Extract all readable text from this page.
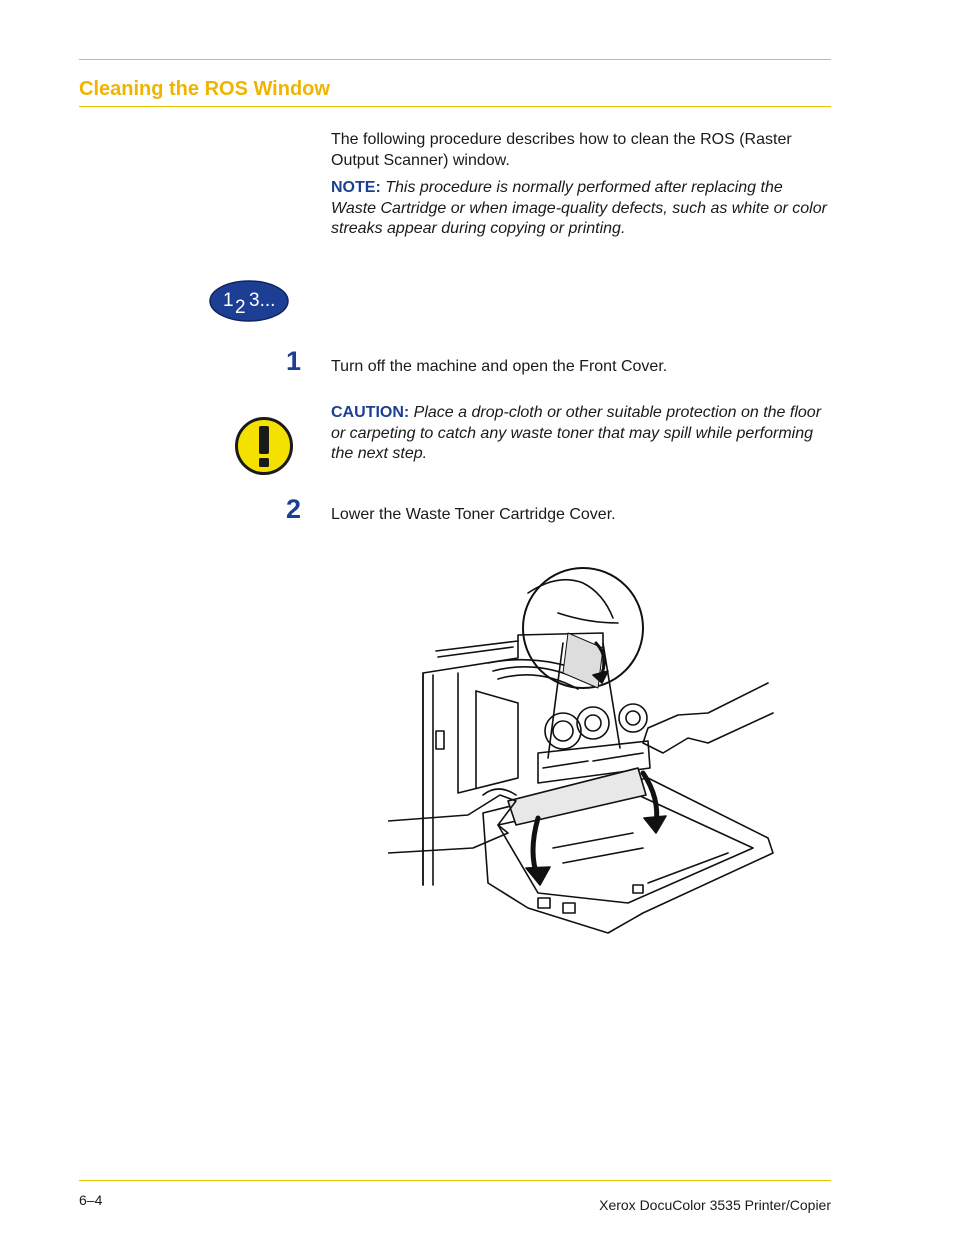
Cleaning the ROS Window
The following procedure describes how to clean the ROS (Raster Output Scanner) window.
NOTE: This procedure is normally performed after replacing the Waste Cartridge or when image-quality defects, such as white or color streaks appear during copying or printing.
1 2 3...
1 Turn off the machine and open the Front Cover.
CAUTION: Place a drop-cloth or other suitable protection on the floor or carpeting to catch any waste toner that may spill while performing the next step.
2 Lower the Waste Toner Cartridge Cover.
6–4	Xerox DocuColor 3535 Printer/Copier
